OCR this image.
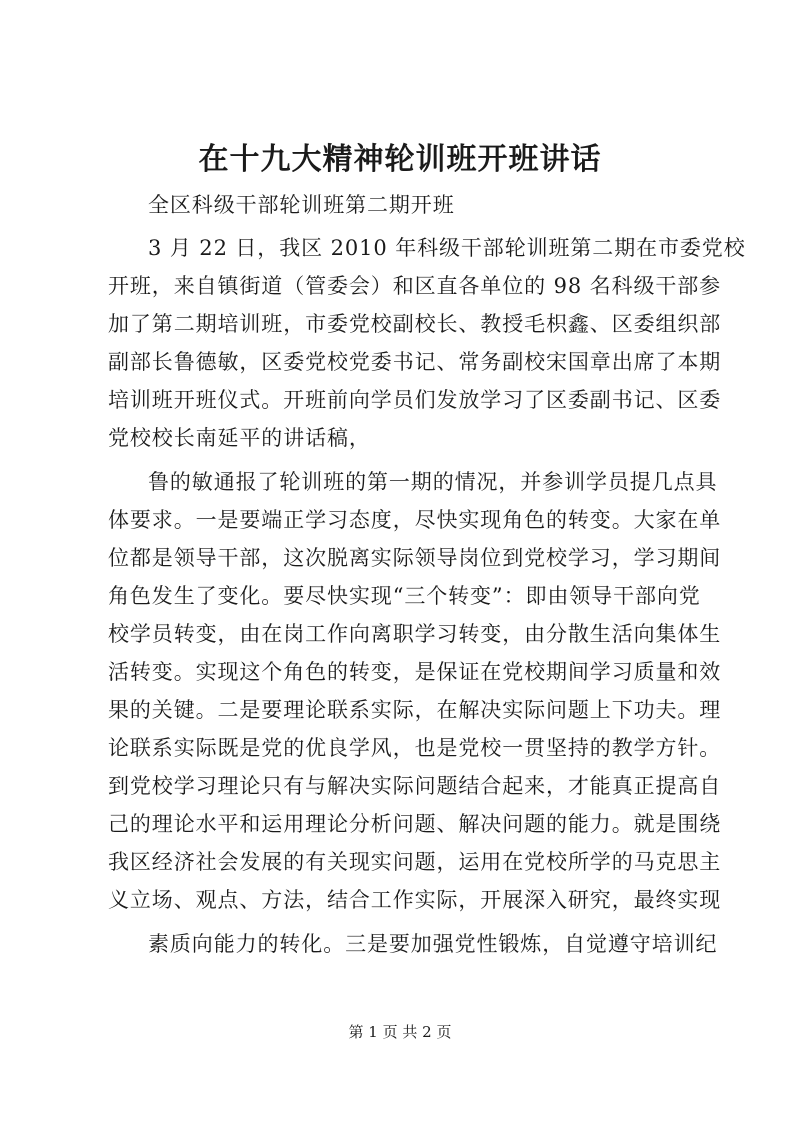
在十九大精神轮训班开班讲话
全区科级干部轮训班第二期开班
3 月 22 日，我区 2010 年科级干部轮训班第二期在市委党校
开班，来自镇街道（管委会）和区直各单位的 98 名科级干部参
加了第二期培训班，市委党校副校长、教授毛枳鑫、区委组织部
副部长鲁德敏，区委党校党委书记、常务副校宋国章出席了本期
培训班开班仪式。开班前向学员们发放学习了区委副书记、区委
党校校长南延平的讲话稿，
鲁的敏通报了轮训班的第一期的情况，并参训学员提几点具
体要求。一是要端正学习态度，尽快实现角色的转变。大家在单
位都是领导干部，这次脱离实际领导岗位到党校学习，学习期间
角色发生了变化。要尽快实现“三个转变”：即由领导干部向党
校学员转变，由在岗工作向离职学习转变，由分散生活向集体生
活转变。实现这个角色的转变，是保证在党校期间学习质量和效
果的关键。二是要理论联系实际，在解决实际问题上下功夫。理
论联系实际既是党的优良学风，也是党校一贯坚持的教学方针。
到党校学习理论只有与解决实际问题结合起来，才能真正提高自
己的理论水平和运用理论分析问题、解决问题的能力。就是围绕
我区经济社会发展的有关现实问题，运用在党校所学的马克思主
义立场、观点、方法，结合工作实际，开展深入研究，最终实现
素质向能力的转化。三是要加强党性锻炼，自觉遵守培训纪
第 1 页 共 2 页
